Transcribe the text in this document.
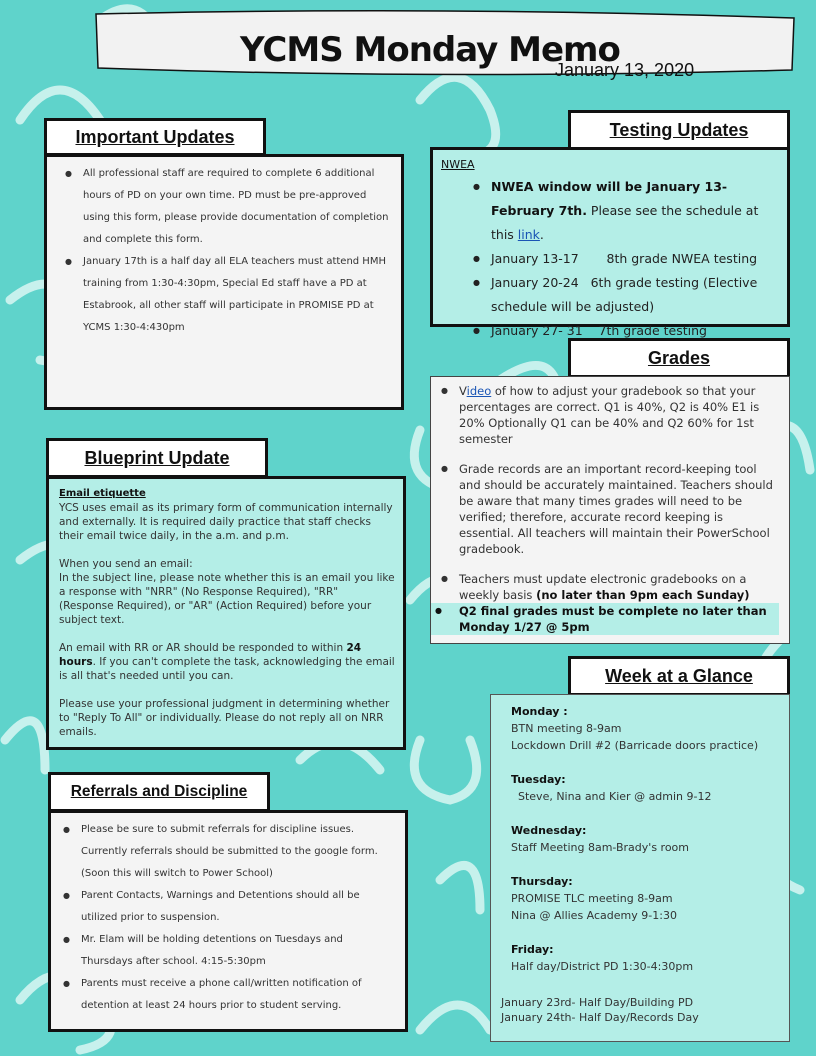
YCMS Monday Memo
January 13, 2020
Important Updates
● All professional staff are required to complete 6 additional hours of PD on your own time. PD must be pre-approved using this form, please provide documentation of completion and complete this form.
● January 17th is a half day all ELA teachers must attend HMH training from 1:30-4:30pm, Special Ed staff have a PD at Estabrook, all other staff will participate in PROMISE PD at YCMS 1:30-4:430pm
Testing Updates
NWEA
● NWEA window will be January 13- February 7th. Please see the schedule at this link.
● January 13-17       8th grade NWEA testing
● January 20-24   6th grade testing (Elective schedule will be adjusted)
● January 27- 31    7th grade testing
Grades
● Video of how to adjust your gradebook so that your percentages are correct. Q1 is 40%, Q2 is 40% E1 is 20% Optionally Q1 can be 40% and Q2 60% for 1st semester
● Grade records are an important record-keeping tool and should be accurately maintained. Teachers should be aware that many times grades will need to be verified; therefore, accurate record keeping is essential. All teachers will maintain their PowerSchool gradebook.
● Teachers must update electronic gradebooks on a weekly basis (no later than 9pm each Sunday)
● Q2 final grades must be complete no later than Monday 1/27 @ 5pm
Blueprint Update
Email etiquette
YCS uses email as its primary form of communication internally and externally. It is required daily practice that staff checks their email twice daily, in the a.m. and p.m.
When you send an email:
In the subject line, please note whether this is an email you like a response with "NRR" (No Response Required), "RR" (Response Required), or "AR" (Action Required) before your subject text.
An email with RR or AR should be responded to within 24 hours. If you can't complete the task, acknowledging the email is all that's needed until you can.
Please use your professional judgment in determining whether to "Reply To All" or individually. Please do not reply all on NRR emails.
Referrals and Discipline
● Please be sure to submit referrals for discipline issues. Currently referrals should be submitted to the google form. (Soon this will switch to Power School)
● Parent Contacts, Warnings and Detentions should all be utilized prior to suspension.
● Mr. Elam will be holding detentions on Tuesdays and Thursdays after school. 4:15-5:30pm
● Parents must receive a phone call/written notification of detention at least 24 hours prior to student serving.
Week at a Glance
Monday :
BTN meeting 8-9am
Lockdown Drill #2 (Barricade doors practice)
Tuesday:
Steve, Nina and Kier @ admin 9-12
Wednesday:
Staff Meeting 8am-Brady's room
Thursday:
PROMISE TLC meeting 8-9am
Nina @ Allies Academy 9-1:30
Friday:
Half day/District PD 1:30-4:30pm
January 23rd- Half Day/Building PD
January 24th- Half Day/Records Day
